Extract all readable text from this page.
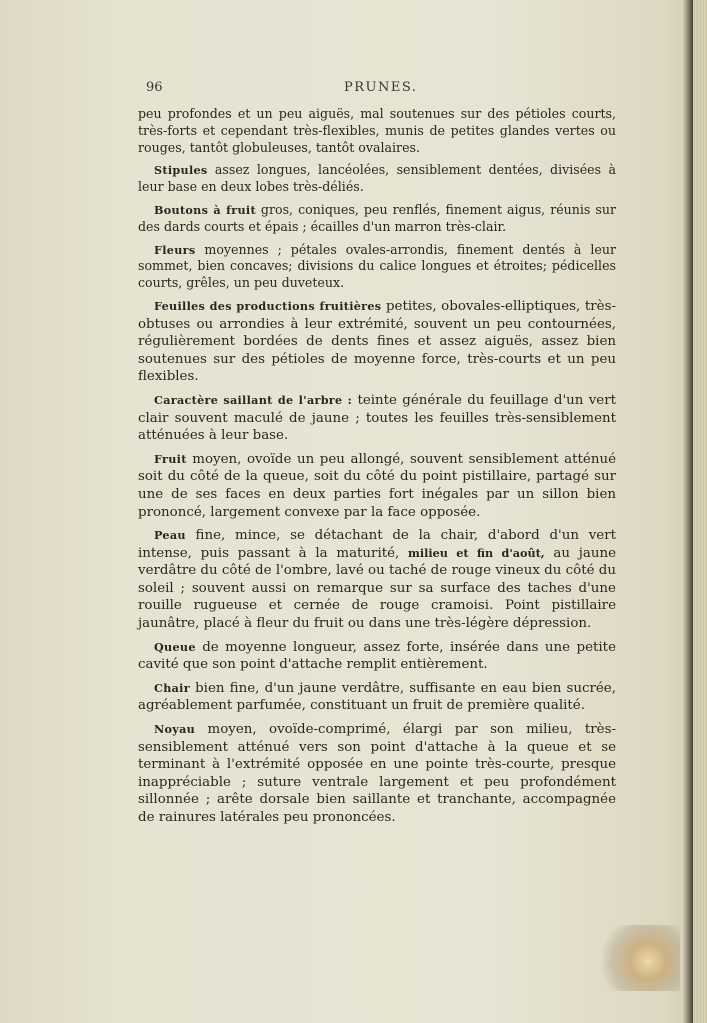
96	PRUNES.

peu profondes et un peu aiguës, mal soutenues sur des pétioles courts, très-forts et cependant très-flexibles, munis de petites glandes vertes ou rouges, tantôt globuleuses, tantôt ovalaires.

Stipules assez longues, lancéolées, sensiblement dentées, divisées à leur base en deux lobes très-déliés.

Boutons à fruit gros, coniques, peu renflés, finement aigus, réunis sur des dards courts et épais ; écailles d'un marron très-clair.

Fleurs moyennes ; pétales ovales-arrondis, finement dentés à leur sommet, bien concaves; divisions du calice longues et étroites; pédicelles courts, grêles, un peu duveteux.

Feuilles des productions fruitières petites, obovales-elliptiques, très-obtuses ou arrondies à leur extrémité, souvent un peu contournées, régulièrement bordées de dents fines et assez aiguës, assez bien soutenues sur des pétioles de moyenne force, très-courts et un peu flexibles.

Caractère saillant de l'arbre : teinte générale du feuillage d'un vert clair souvent maculé de jaune ; toutes les feuilles très-sensiblement atténuées à leur base.

Fruit moyen, ovoïde un peu allongé, souvent sensiblement atténué soit du côté de la queue, soit du côté du point pistillaire, partagé sur une de ses faces en deux parties fort inégales par un sillon bien prononcé, largement convexe par la face opposée.

Peau fine, mince, se détachant de la chair, d'abord d'un vert intense, puis passant à la maturité, milieu et fin d'août, au jaune verdâtre du côté de l'ombre, lavé ou taché de rouge vineux du côté du soleil ; souvent aussi on remarque sur sa surface des taches d'une rouille rugueuse et cernée de rouge cramoisi. Point pistillaire jaunâtre, placé à fleur du fruit ou dans une très-légère dépression.

Queue de moyenne longueur, assez forte, insérée dans une petite cavité que son point d'attache remplit entièrement.

Chair bien fine, d'un jaune verdâtre, suffisante en eau bien sucrée, agréablement parfumée, constituant un fruit de première qualité.

Noyau moyen, ovoïde-comprimé, élargi par son milieu, très-sensiblement atténué vers son point d'attache à la queue et se terminant à l'extrémité opposée en une pointe très-courte, presque inappréciable ; suture ventrale largement et peu profondément sillonnée ; arête dorsale bien saillante et tranchante, accompagnée de rainures latérales peu prononcées.
